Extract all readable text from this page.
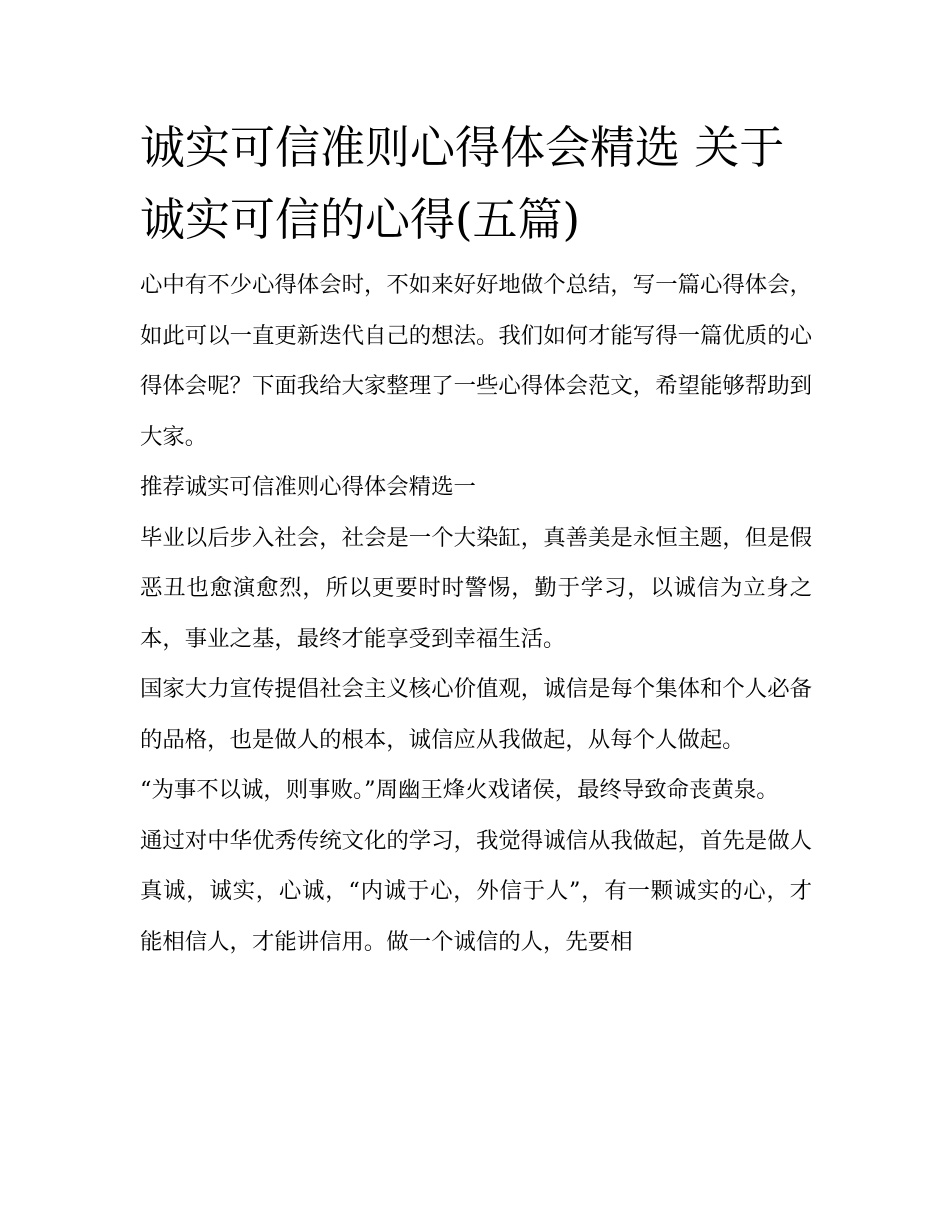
诚实可信准则心得体会精选 关于诚实可信的心得(五篇)

心中有不少心得体会时，不如来好好地做个总结，写一篇心得体会，如此可以一直更新迭代自己的想法。我们如何才能写得一篇优质的心得体会呢？下面我给大家整理了一些心得体会范文，希望能够帮助到大家。

推荐诚实可信准则心得体会精选一

毕业以后步入社会，社会是一个大染缸，真善美是永恒主题，但是假恶丑也愈演愈烈，所以更要时时警惕，勤于学习，以诚信为立身之本，事业之基，最终才能享受到幸福生活。

国家大力宣传提倡社会主义核心价值观，诚信是每个集体和个人必备的品格，也是做人的根本，诚信应从我做起，从每个人做起。

“为事不以诚，则事败。”周幽王烽火戏诸侯，最终导致命丧黄泉。

通过对中华优秀传统文化的学习，我觉得诚信从我做起，首先是做人真诚，诚实，心诚，“内诚于心，外信于人”，有一颗诚实的心，才能相信人，才能讲信用。做一个诚信的人，先要相
